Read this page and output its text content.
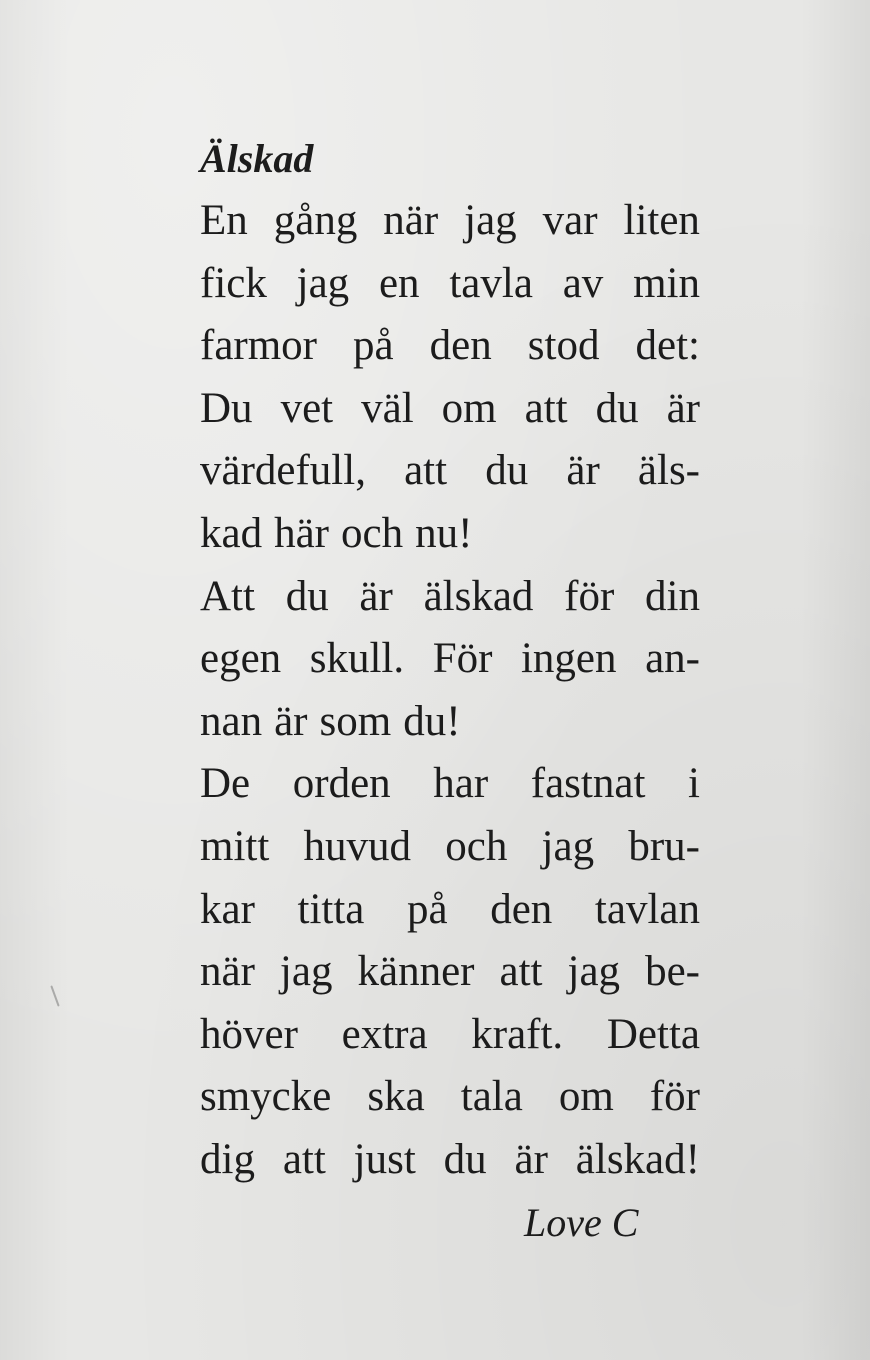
Älskad
En gång när jag var liten
fick jag en tavla av min
farmor på den stod det:
Du vet väl om att du är
värdefull, att du är äls-
kad här och nu!
Att du är älskad för din
egen skull. För ingen an-
nan är som du!
De orden har fastnat i
mitt huvud och jag bru-
kar titta på den tavlan
när jag känner att jag be-
höver extra kraft. Detta
smycke ska tala om för
dig att just du är älskad!
Love C
